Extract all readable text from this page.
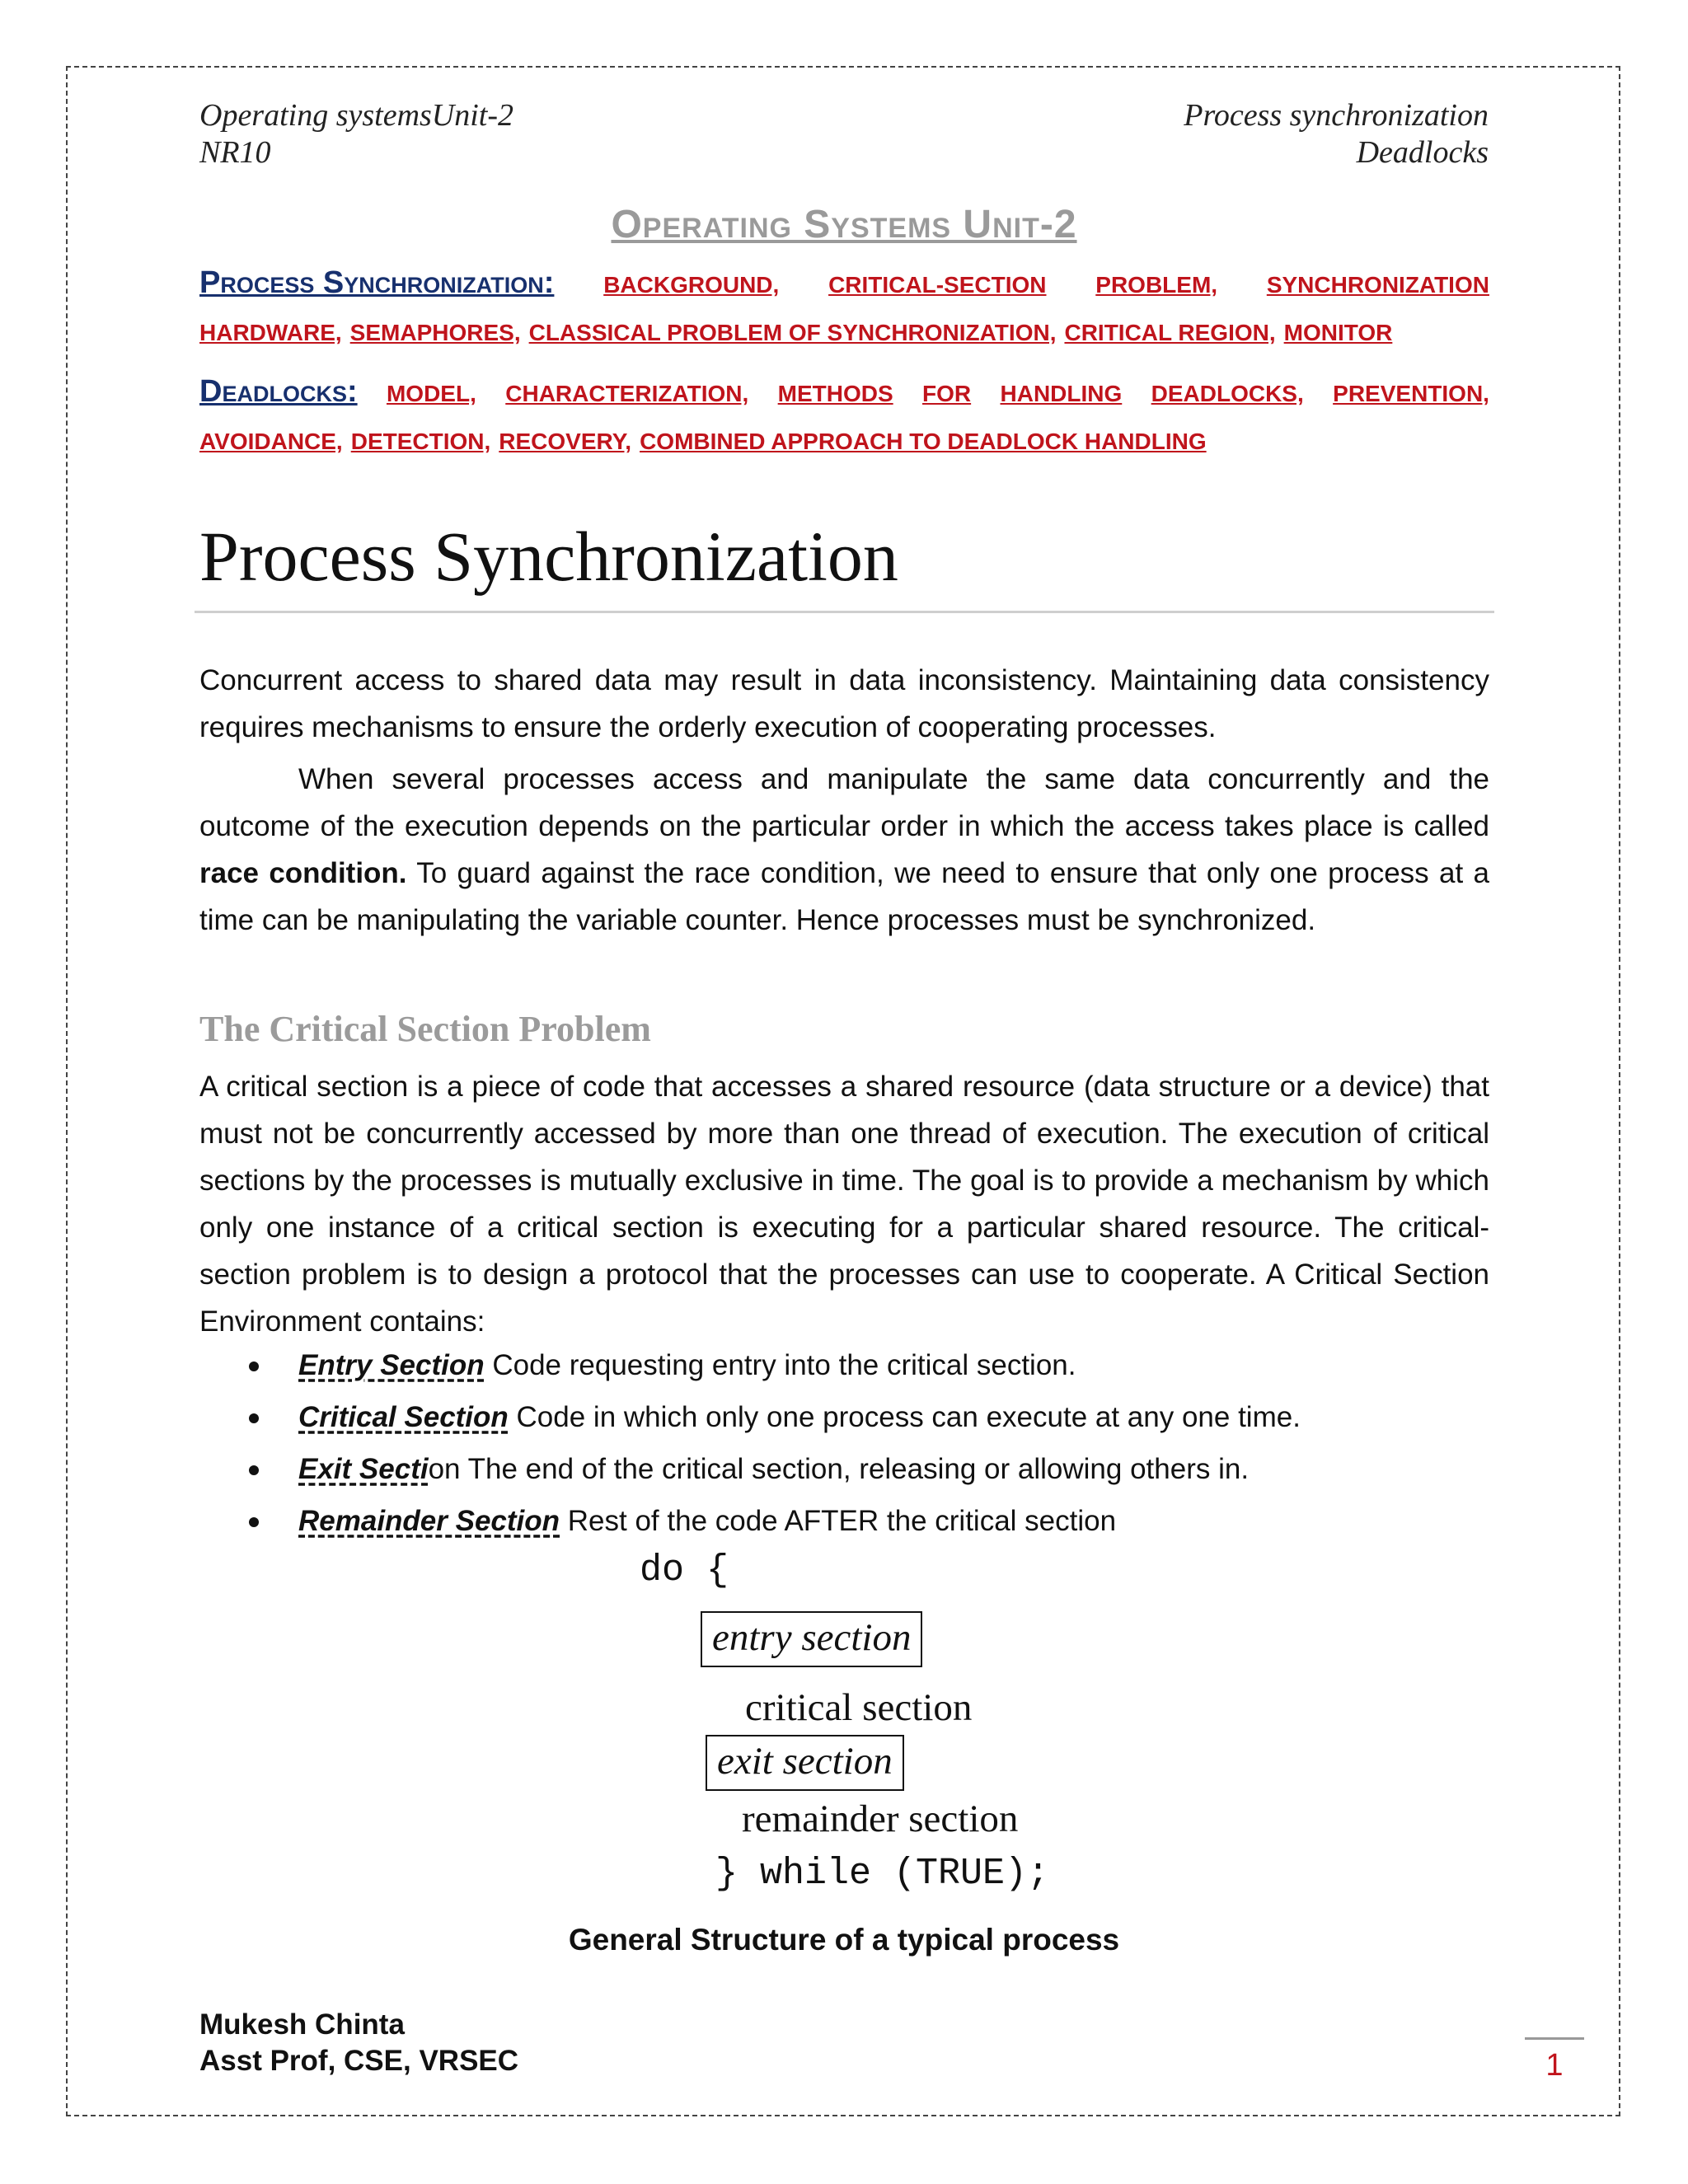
Operating systemsUnit-2
NR10
Process synchronization
Deadlocks
Operating Systems Unit-2
Process Synchronization: BACKGROUND, CRITICAL-SECTION PROBLEM, SYNCHRONIZATION
HARDWARE, SEMAPHORES, CLASSICAL PROBLEM OF SYNCHRONIZATION, CRITICAL REGION, MONITOR
Deadlocks: MODEL, CHARACTERIZATION, METHODS FOR HANDLING DEADLOCKS, PREVENTION,
AVOIDANCE, DETECTION, RECOVERY, COMBINED APPROACH TO DEADLOCK HANDLING
Process Synchronization
Concurrent access to shared data may result in data inconsistency. Maintaining data consistency requires mechanisms to ensure the orderly execution of cooperating processes.
When several processes access and manipulate the same data concurrently and the outcome of the execution depends on the particular order in which the access takes place is called race condition. To guard against the race condition, we need to ensure that only one process at a time can be manipulating the variable counter. Hence processes must be synchronized.
The Critical Section Problem
A critical section is a piece of code that accesses a shared resource (data structure or a device) that must not be concurrently accessed by more than one thread of execution. The execution of critical sections by the processes is mutually exclusive in time. The goal is to provide a mechanism by which only one instance of a critical section is executing for a particular shared resource. The critical-section problem is to design a protocol that the processes can use to cooperate. A Critical Section Environment contains:
Entry Section Code requesting entry into the critical section.
Critical Section Code in which only one process can execute at any one time.
Exit Section The end of the critical section, releasing or allowing others in.
Remainder Section Rest of the code AFTER the critical section
do {
entry section
critical section
exit section
remainder section
} while (TRUE);
General Structure of a typical process
Mukesh Chinta
Asst Prof, CSE, VRSEC	1
